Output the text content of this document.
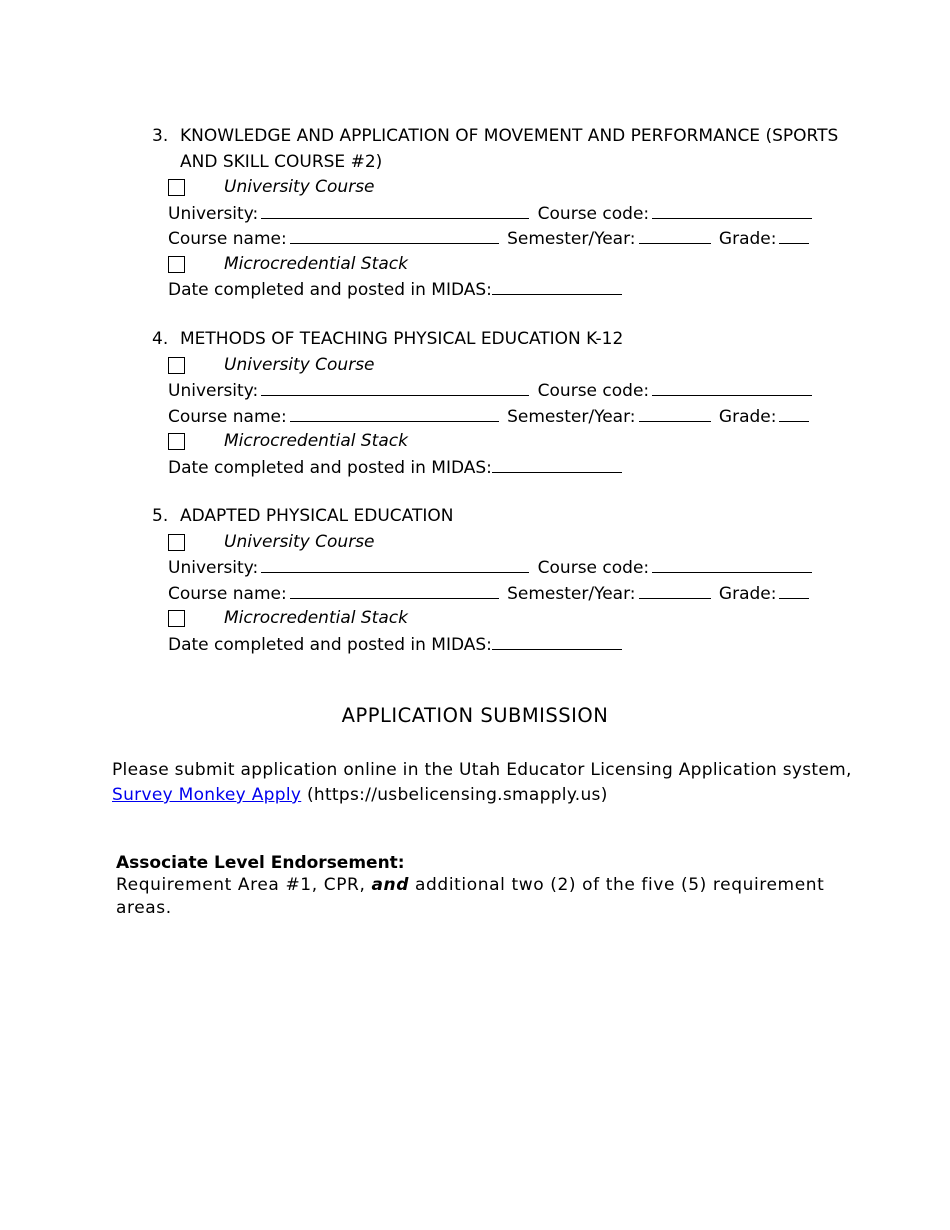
3. KNOWLEDGE AND APPLICATION OF MOVEMENT AND PERFORMANCE (SPORTS AND SKILL COURSE #2)
University Course
University:	Course code:
Course name:	Semester/Year:	Grade:
Microcredential Stack
Date completed and posted in MIDAS:
4. METHODS OF TEACHING PHYSICAL EDUCATION K-12
University Course
University:	Course code:
Course name:	Semester/Year:	Grade:
Microcredential Stack
Date completed and posted in MIDAS:
5. ADAPTED PHYSICAL EDUCATION
University Course
University:	Course code:
Course name:	Semester/Year:	Grade:
Microcredential Stack
Date completed and posted in MIDAS:
APPLICATION SUBMISSION
Please submit application online in the Utah Educator Licensing Application system, Survey Monkey Apply (https://usbelicensing.smapply.us)
Associate Level Endorsement:
Requirement Area #1, CPR, and additional two (2) of the five (5) requirement areas.
